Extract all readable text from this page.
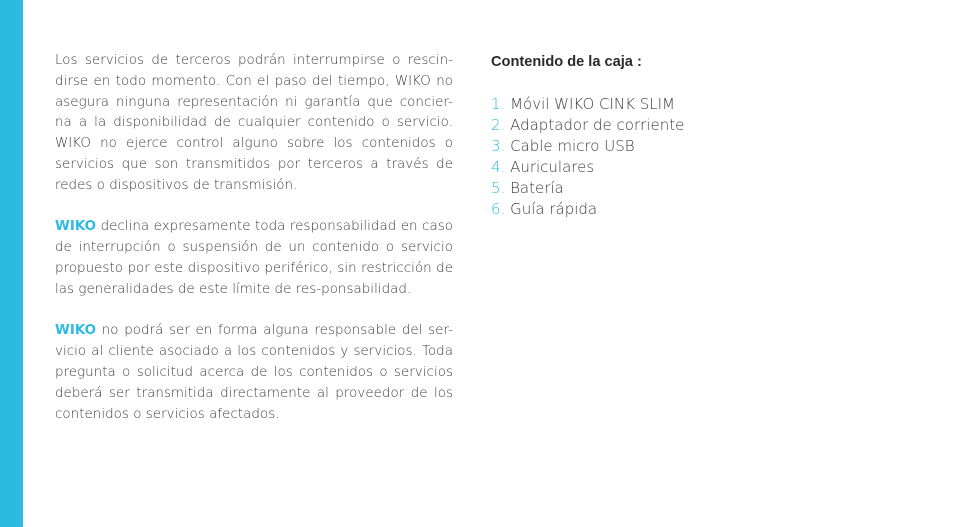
Los servicios de terceros podrán interrumpirse o rescin-dirse en todo momento. Con el paso del tiempo, WIKO no asegura ninguna representación ni garantía que concier-na a la disponibilidad de cualquier contenido o servicio. WIKO no ejerce control alguno sobre los contenidos o servicios que son transmitidos por terceros a través de redes o dispositivos de transmisión.

WIKO declina expresamente toda responsabilidad en caso de interrupción o suspensión de un contenido o servicio propuesto por este dispositivo periférico, sin restricción de las generalidades de este límite de res-ponsabilidad.

WIKO no podrá ser en forma alguna responsable del ser-vicio al cliente asociado a los contenidos y servicios. Toda pregunta o solicitud acerca de los contenidos o servicios deberá ser transmitida directamente al proveedor de los contenidos o servicios afectados.

Contenido de la caja :
1. Móvil WIKO CINK SLIM
2. Adaptador de corriente
3. Cable micro USB
4. Auriculares
5. Batería
6. Guía rápida
